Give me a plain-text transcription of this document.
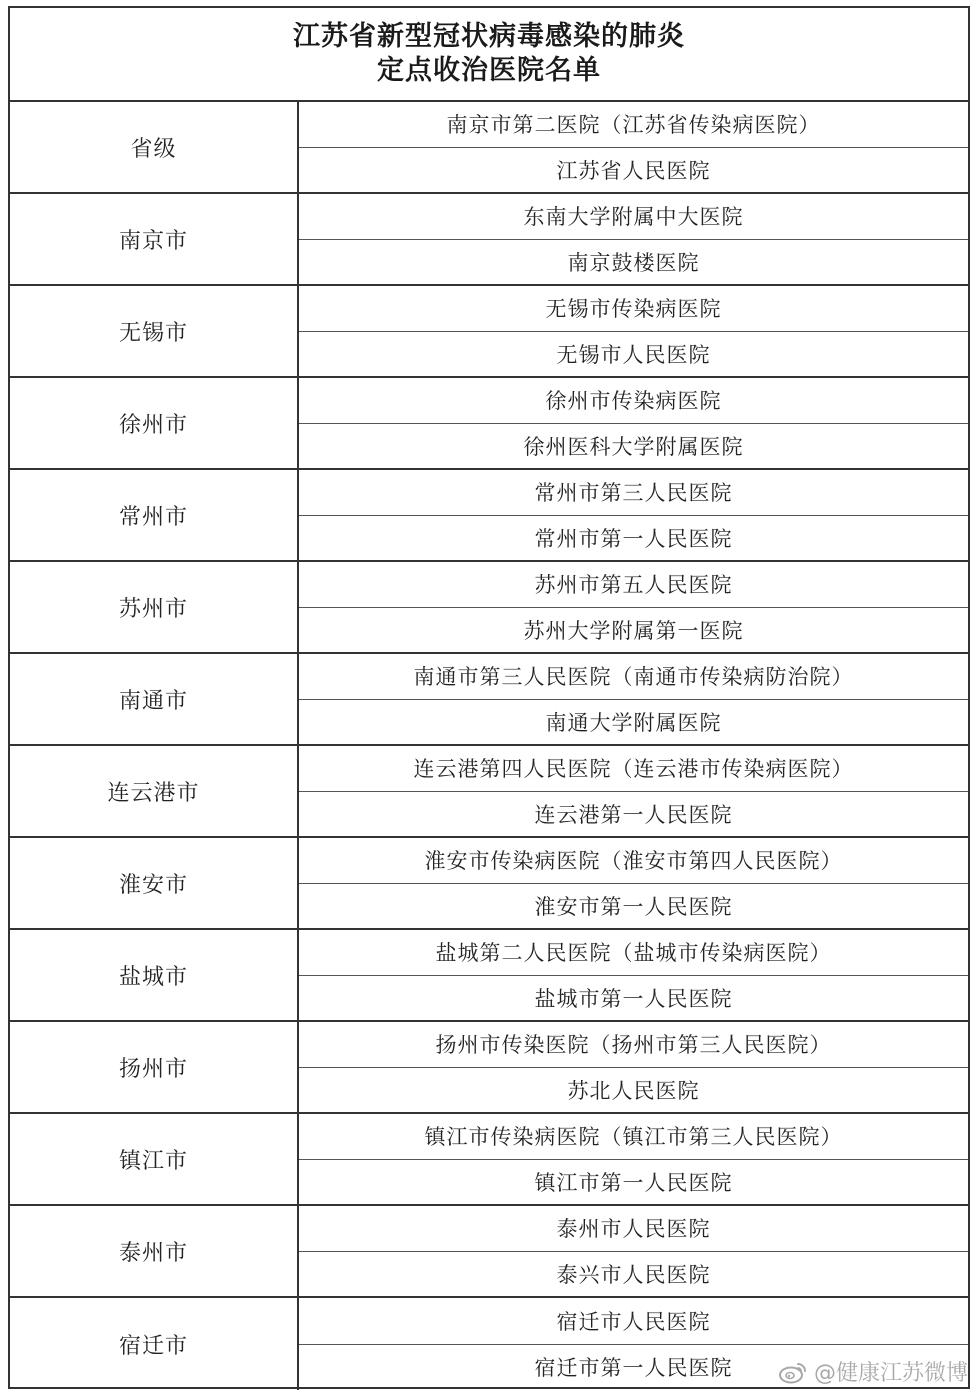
江苏省新型冠状病毒感染的肺炎
定点收治医院名单
省级
南京市第二医院（江苏省传染病医院）
江苏省人民医院
南京市
东南大学附属中大医院
南京鼓楼医院
无锡市
无锡市传染病医院
无锡市人民医院
徐州市
徐州市传染病医院
徐州医科大学附属医院
常州市
常州市第三人民医院
常州市第一人民医院
苏州市
苏州市第五人民医院
苏州大学附属第一医院
南通市
南通市第三人民医院（南通市传染病防治院）
南通大学附属医院
连云港市
连云港第四人民医院（连云港市传染病医院）
连云港第一人民医院
淮安市
淮安市传染病医院（淮安市第四人民医院）
淮安市第一人民医院
盐城市
盐城第二人民医院（盐城市传染病医院）
盐城市第一人民医院
扬州市
扬州市传染医院（扬州市第三人民医院）
苏北人民医院
镇江市
镇江市传染病医院（镇江市第三人民医院）
镇江市第一人民医院
泰州市
泰州市人民医院
泰兴市人民医院
宿迁市
宿迁市人民医院
宿迁市第一人民医院	@健康江苏微博
